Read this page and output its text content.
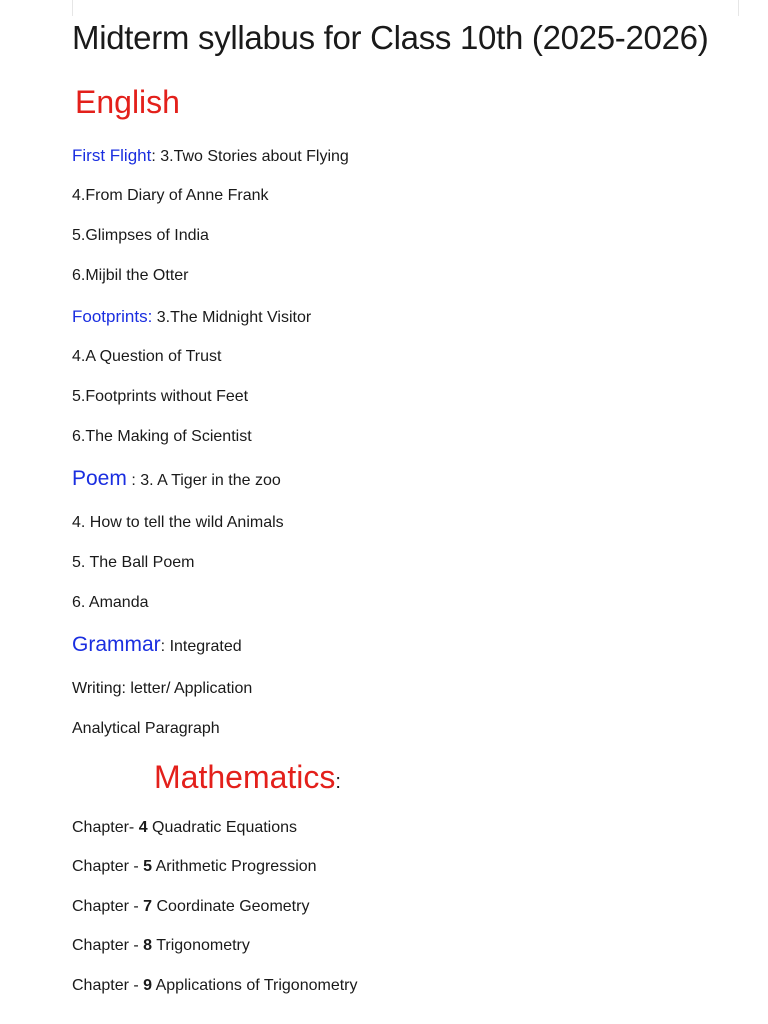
Midterm syllabus for Class 10th (2025-2026)
English
First Flight: 3.Two Stories about Flying
4.From Diary of Anne Frank
5.Glimpses of India
6.Mijbil the Otter
Footprints: 3.The Midnight Visitor
4.A Question of Trust
5.Footprints without Feet
6.The Making of Scientist
Poem : 3. A Tiger in the zoo
4. How to tell the wild Animals
5. The Ball Poem
6. Amanda
Grammar: Integrated
Writing: letter/ Application
Analytical Paragraph
Mathematics:
Chapter- 4 Quadratic Equations
Chapter - 5 Arithmetic Progression
Chapter - 7 Coordinate Geometry
Chapter - 8 Trigonometry
Chapter - 9 Applications of Trigonometry
